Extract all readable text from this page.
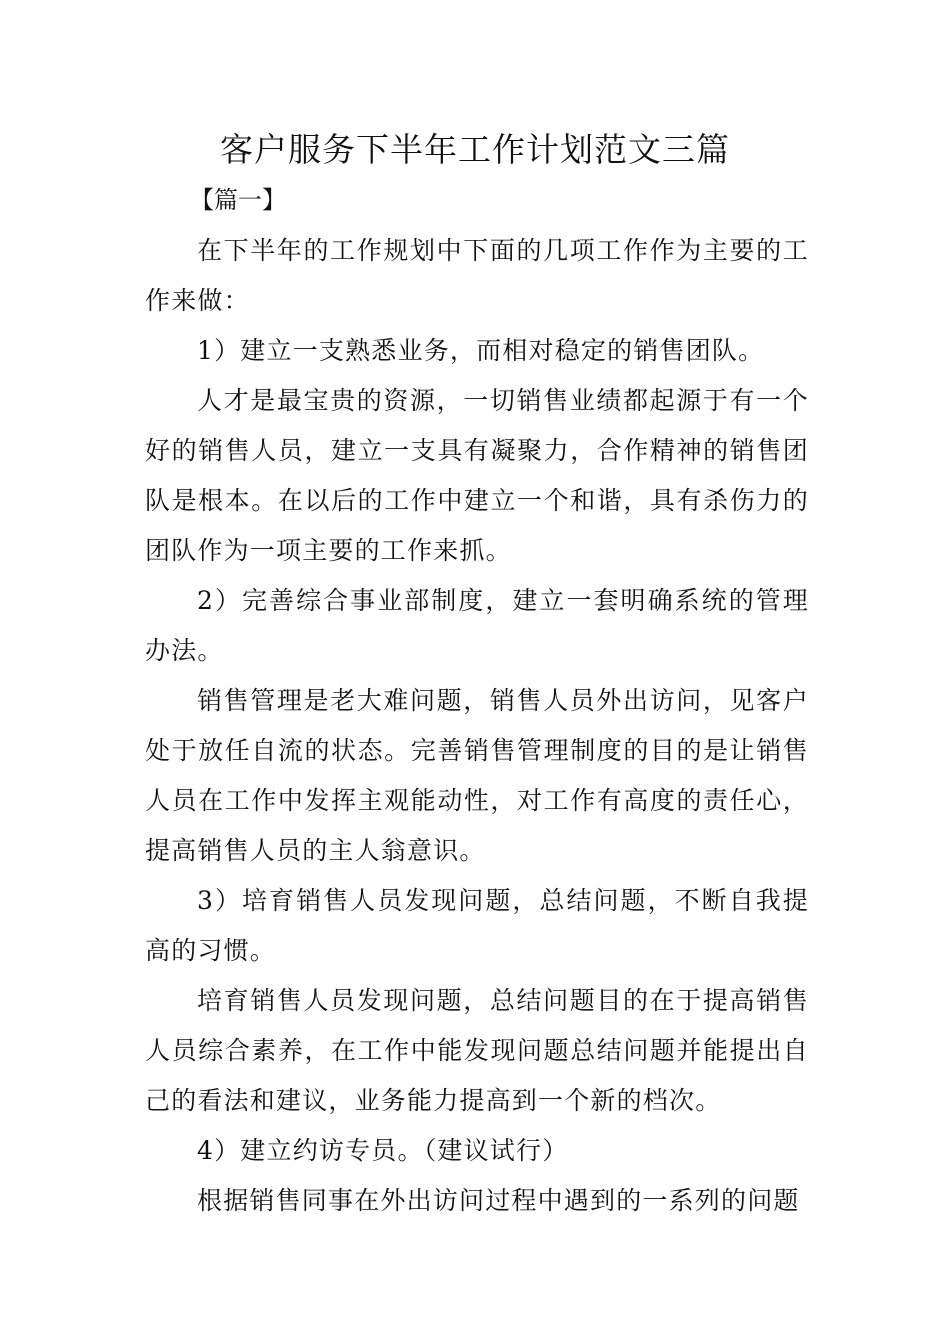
客户服务下半年工作计划范文三篇
【篇一】

在下半年的工作规划中下面的几项工作作为主要的工作来做：

1）建立一支熟悉业务，而相对稳定的销售团队。

人才是最宝贵的资源，一切销售业绩都起源于有一个好的销售人员，建立一支具有凝聚力，合作精神的销售团队是根本。在以后的工作中建立一个和谐，具有杀伤力的团队作为一项主要的工作来抓。

2）完善综合事业部制度，建立一套明确系统的管理办法。

销售管理是老大难问题，销售人员外出访问，见客户处于放任自流的状态。完善销售管理制度的目的是让销售人员在工作中发挥主观能动性，对工作有高度的责任心，提高销售人员的主人翁意识。

3）培育销售人员发现问题，总结问题，不断自我提高的习惯。

培育销售人员发现问题，总结问题目的在于提高销售人员综合素养，在工作中能发现问题总结问题并能提出自己的看法和建议，业务能力提高到一个新的档次。

4）建立约访专员。（建议试行）

根据销售同事在外出访问过程中遇到的一系列的问题
